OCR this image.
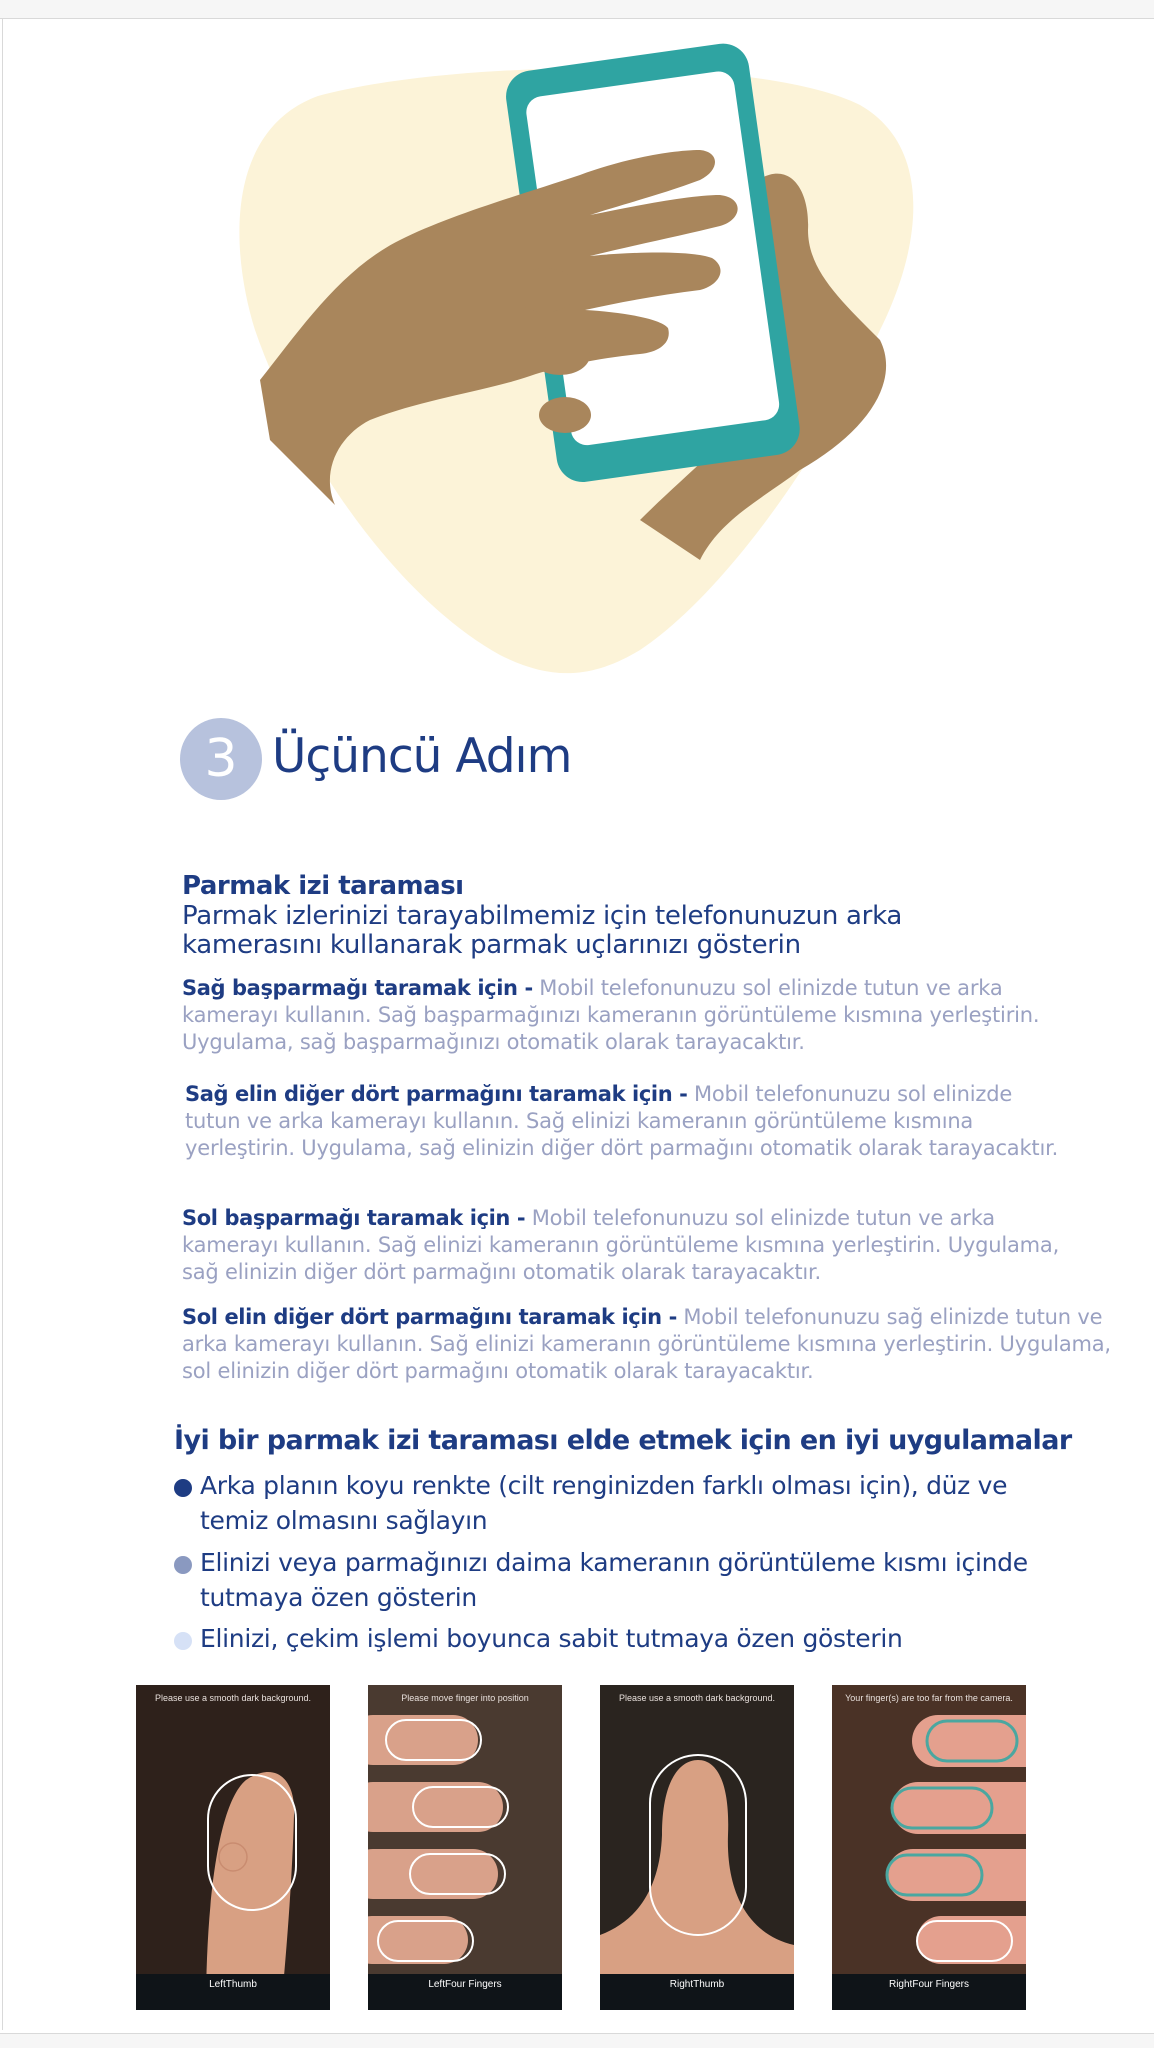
3 Üçüncü Adım
Parmak izi taraması
Parmak izlerinizi tarayabilmemiz için telefonunuzun arka kamerasını kullanarak parmak uçlarınızı gösterin
Sağ başparmağı taramak için - Mobil telefonunuzu sol elinizde tutun ve arka kamerayı kullanın. Sağ başparmağınızı kameranın görüntüleme kısmına yerleştirin. Uygulama, sağ başparmağınızı otomatik olarak tarayacaktır.
Sağ elin diğer dört parmağını taramak için - Mobil telefonunuzu sol elinizde tutun ve arka kamerayı kullanın. Sağ elinizi kameranın görüntüleme kısmına yerleştirin. Uygulama, sağ elinizin diğer dört parmağını otomatik olarak tarayacaktır.
Sol başparmağı taramak için - Mobil telefonunuzu sol elinizde tutun ve arka kamerayı kullanın. Sağ elinizi kameranın görüntüleme kısmına yerleştirin. Uygulama, sağ elinizin diğer dört parmağını otomatik olarak tarayacaktır.
Sol elin diğer dört parmağını taramak için - Mobil telefonunuzu sağ elinizde tutun ve arka kamerayı kullanın. Sağ elinizi kameranın görüntüleme kısmına yerleştirin. Uygulama, sol elinizin diğer dört parmağını otomatik olarak tarayacaktır.
İyi bir parmak izi taraması elde etmek için en iyi uygulamalar
Arka planın koyu renkte (cilt renginizden farklı olması için), düz ve temiz olmasını sağlayın
Elinizi veya parmağınızı daima kameranın görüntüleme kısmı içinde tutmaya özen gösterin
Elinizi, çekim işlemi boyunca sabit tutmaya özen gösterin
Please use a smooth dark background.
LeftThumb
Please move finger into position
LeftFour Fingers
Please use a smooth dark background.
RightThumb
Your finger(s) are too far from the camera.
RightFour Fingers
